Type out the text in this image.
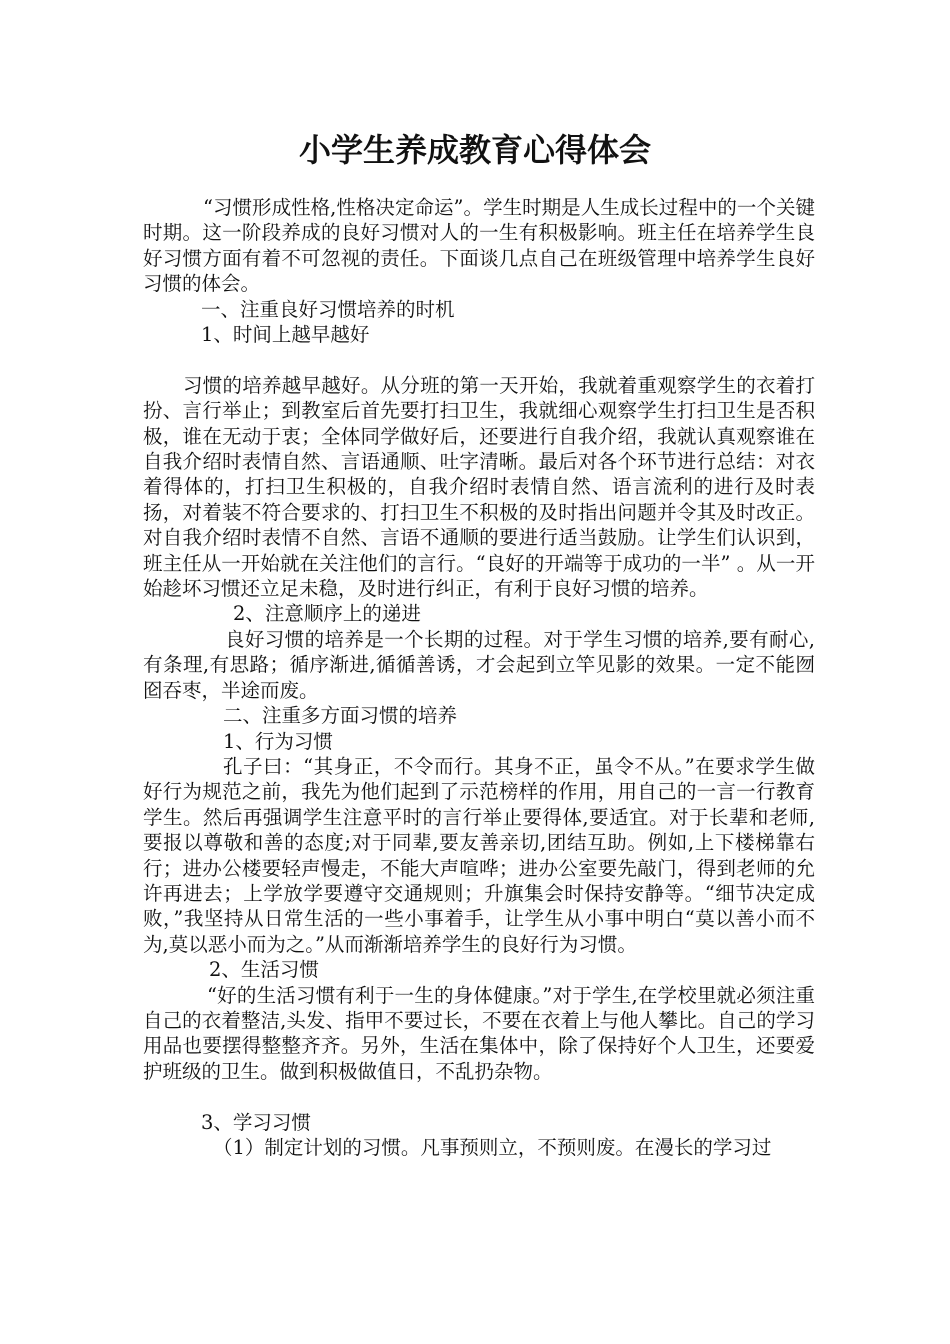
小学生养成教育心得体会

“习惯形成性格,性格决定命运”。学生时期是人生成长过程中的一个关键时期。这一阶段养成的良好习惯对人的一生有积极影响。班主任在培养学生良好习惯方面有着不可忽视的责任。下面谈几点自己在班级管理中培养学生良好习惯的体会。

一、注重良好习惯培养的时机

1、时间上越早越好

习惯的培养越早越好。从分班的第一天开始，我就着重观察学生的衣着打扮、言行举止；到教室后首先要打扫卫生，我就细心观察学生打扫卫生是否积极，谁在无动于衷；全体同学做好后，还要进行自我介绍，我就认真观察谁在自我介绍时表情自然、言语通顺、吐字清晰。最后对各个环节进行总结：对衣着得体的，打扫卫生积极的，自我介绍时表情自然、语言流利的进行及时表扬，对着装不符合要求的、打扫卫生不积极的及时指出问题并令其及时改正。对自我介绍时表情不自然、言语不通顺的要进行适当鼓励。让学生们认识到，班主任从一开始就在关注他们的言行。“良好的开端等于成功的一半” 。从一开始趁坏习惯还立足未稳，及时进行纠正，有利于良好习惯的培养。

2、注意顺序上的递进

良好习惯的培养是一个长期的过程。对于学生习惯的培养,要有耐心,有条理,有思路；循序渐进,循循善诱，才会起到立竿见影的效果。一定不能囫囵吞枣，半途而废。

二、注重多方面习惯的培养

1、行为习惯

孔子曰：“其身正，不令而行。其身不正，虽令不从。”在要求学生做好行为规范之前，我先为他们起到了示范榜样的作用，用自己的一言一行教育学生。然后再强调学生注意平时的言行举止要得体,要适宜。对于长辈和老师,要报以尊敬和善的态度;对于同辈,要友善亲切,团结互助。例如,上下楼梯靠右行；进办公楼要轻声慢走，不能大声喧哗；进办公室要先敲门，得到老师的允许再进去；上学放学要遵守交通规则；升旗集会时保持安静等。“细节决定成败，”我坚持从日常生活的一些小事着手，让学生从小事中明白“莫以善小而不为,莫以恶小而为之。”从而渐渐培养学生的良好行为习惯。

2、生活习惯

“好的生活习惯有利于一生的身体健康。”对于学生,在学校里就必须注重自己的衣着整洁,头发、指甲不要过长，不要在衣着上与他人攀比。自己的学习用品也要摆得整整齐齐。另外，生活在集体中，除了保持好个人卫生，还要爱护班级的卫生。做到积极做值日，不乱扔杂物。

3、学习习惯

（1）制定计划的习惯。凡事预则立，不预则废。在漫长的学习过
